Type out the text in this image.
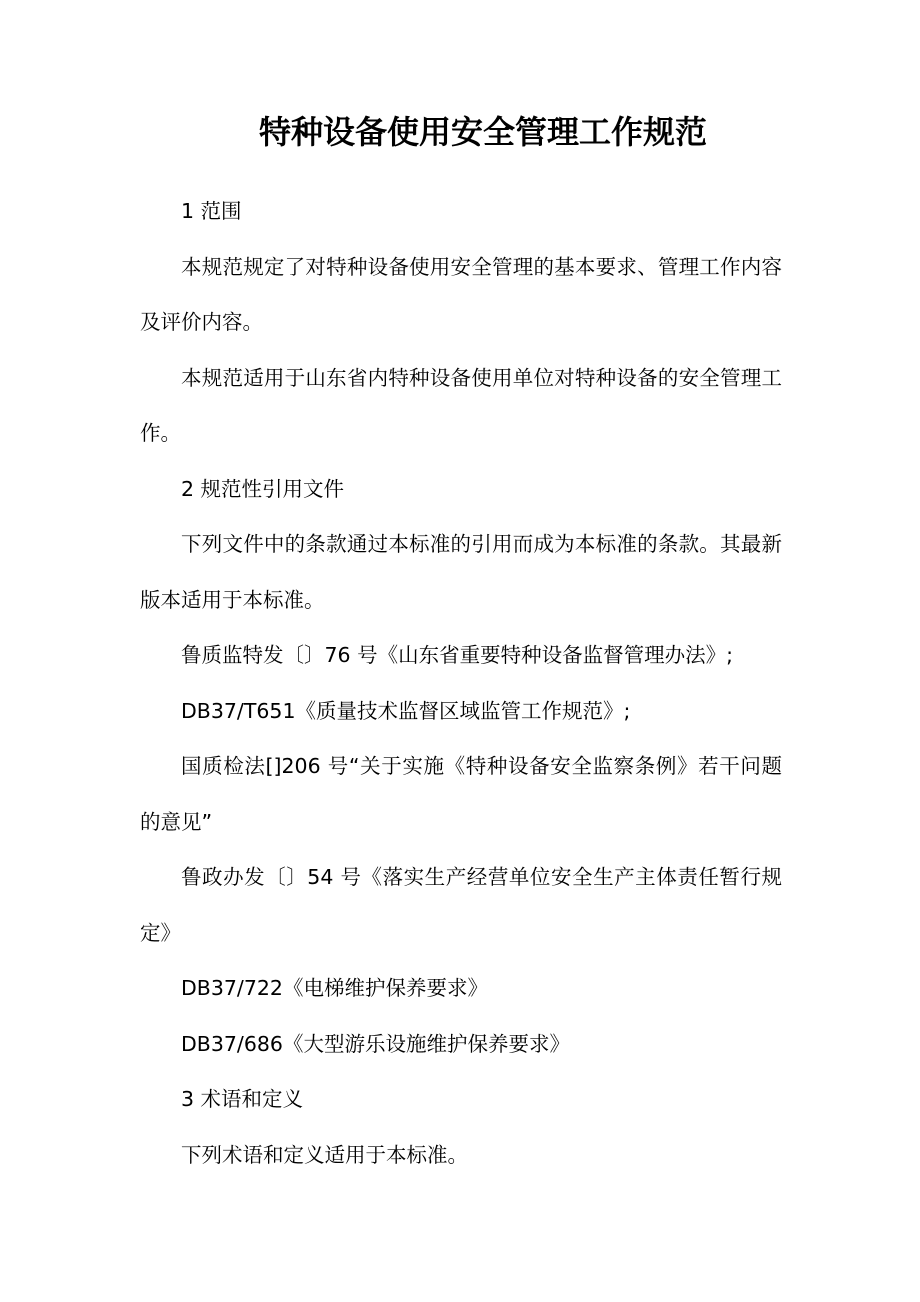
特种设备使用安全管理工作规范

1 范围

本规范规定了对特种设备使用安全管理的基本要求、管理工作内容及评价内容。

本规范适用于山东省内特种设备使用单位对特种设备的安全管理工作。

2 规范性引用文件

下列文件中的条款通过本标准的引用而成为本标准的条款。其最新版本适用于本标准。

鲁质监特发〔〕76 号《山东省重要特种设备监督管理办法》;

DB37/T651《质量技术监督区域监管工作规范》;

国质检法[]206 号“关于实施《特种设备安全监察条例》若干问题的意见”

鲁政办发〔〕54 号《落实生产经营单位安全生产主体责任暂行规定》

DB37/722《电梯维护保养要求》

DB37/686《大型游乐设施维护保养要求》

3 术语和定义

下列术语和定义适用于本标准。
